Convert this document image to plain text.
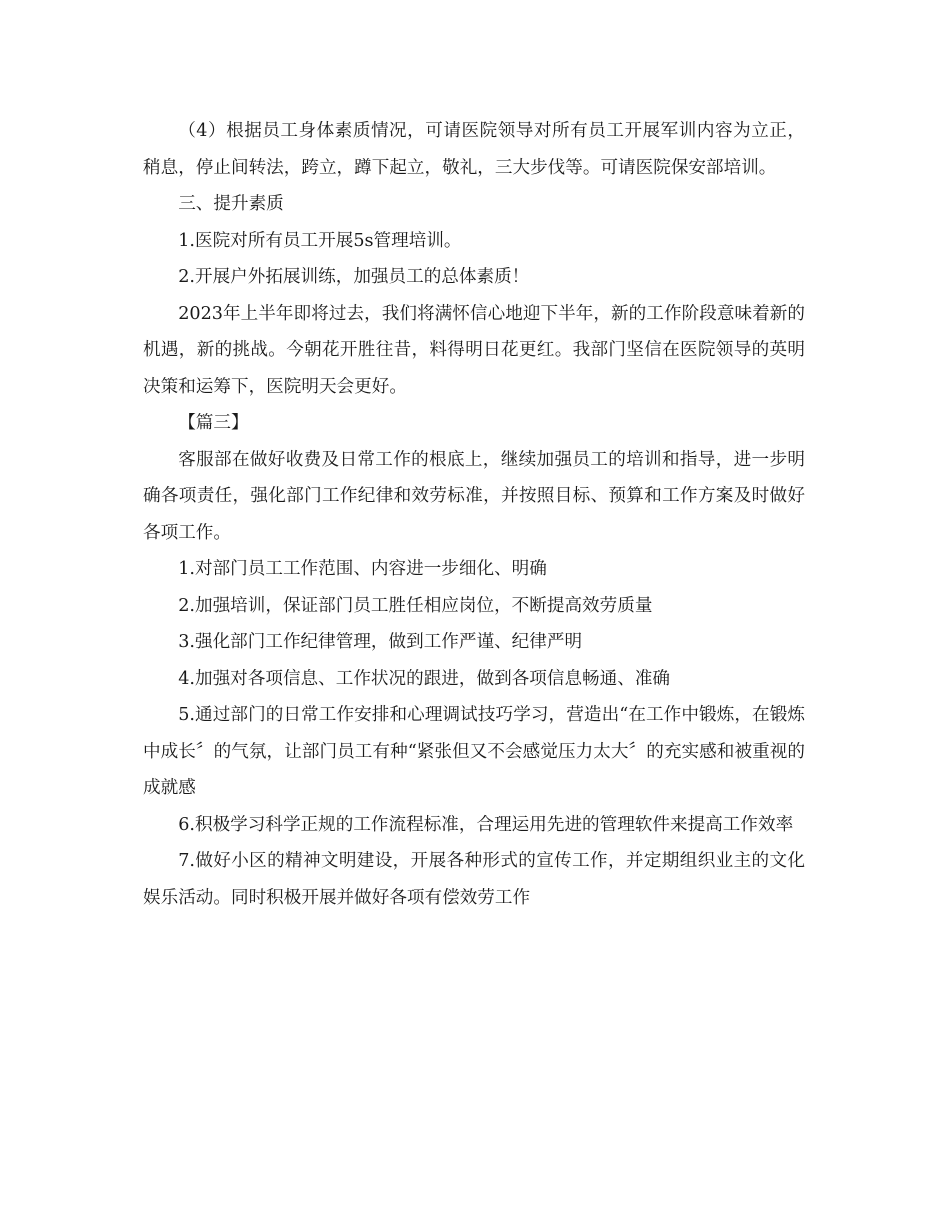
（4）根据员工身体素质情况，可请医院领导对所有员工开展军训内容为立正，稍息，停止间转法，跨立，蹲下起立，敬礼，三大步伐等。可请医院保安部培训。

三、提升素质

1.医院对所有员工开展5s管理培训。

2.开展户外拓展训练，加强员工的总体素质！

2023年上半年即将过去，我们将满怀信心地迎下半年，新的工作阶段意味着新的机遇，新的挑战。今朝花开胜往昔，料得明日花更红。我部门坚信在医院领导的英明决策和运筹下，医院明天会更好。

【篇三】

客服部在做好收费及日常工作的根底上，继续加强员工的培训和指导，进一步明确各项责任，强化部门工作纪律和效劳标准，并按照目标、预算和工作方案及时做好各项工作。

1.对部门员工工作范围、内容进一步细化、明确

2.加强培训，保证部门员工胜任相应岗位，不断提高效劳质量

3.强化部门工作纪律管理，做到工作严谨、纪律严明

4.加强对各项信息、工作状况的跟进，做到各项信息畅通、准确

5.通过部门的日常工作安排和心理调试技巧学习，营造出“在工作中锻炼，在锻炼中成长〞的气氛，让部门员工有种“紧张但又不会感觉压力太大〞的充实感和被重视的成就感

6.积极学习科学正规的工作流程标准，合理运用先进的管理软件来提高工作效率

7.做好小区的精神文明建设，开展各种形式的宣传工作，并定期组织业主的文化娱乐活动。同时积极开展并做好各项有偿效劳工作
